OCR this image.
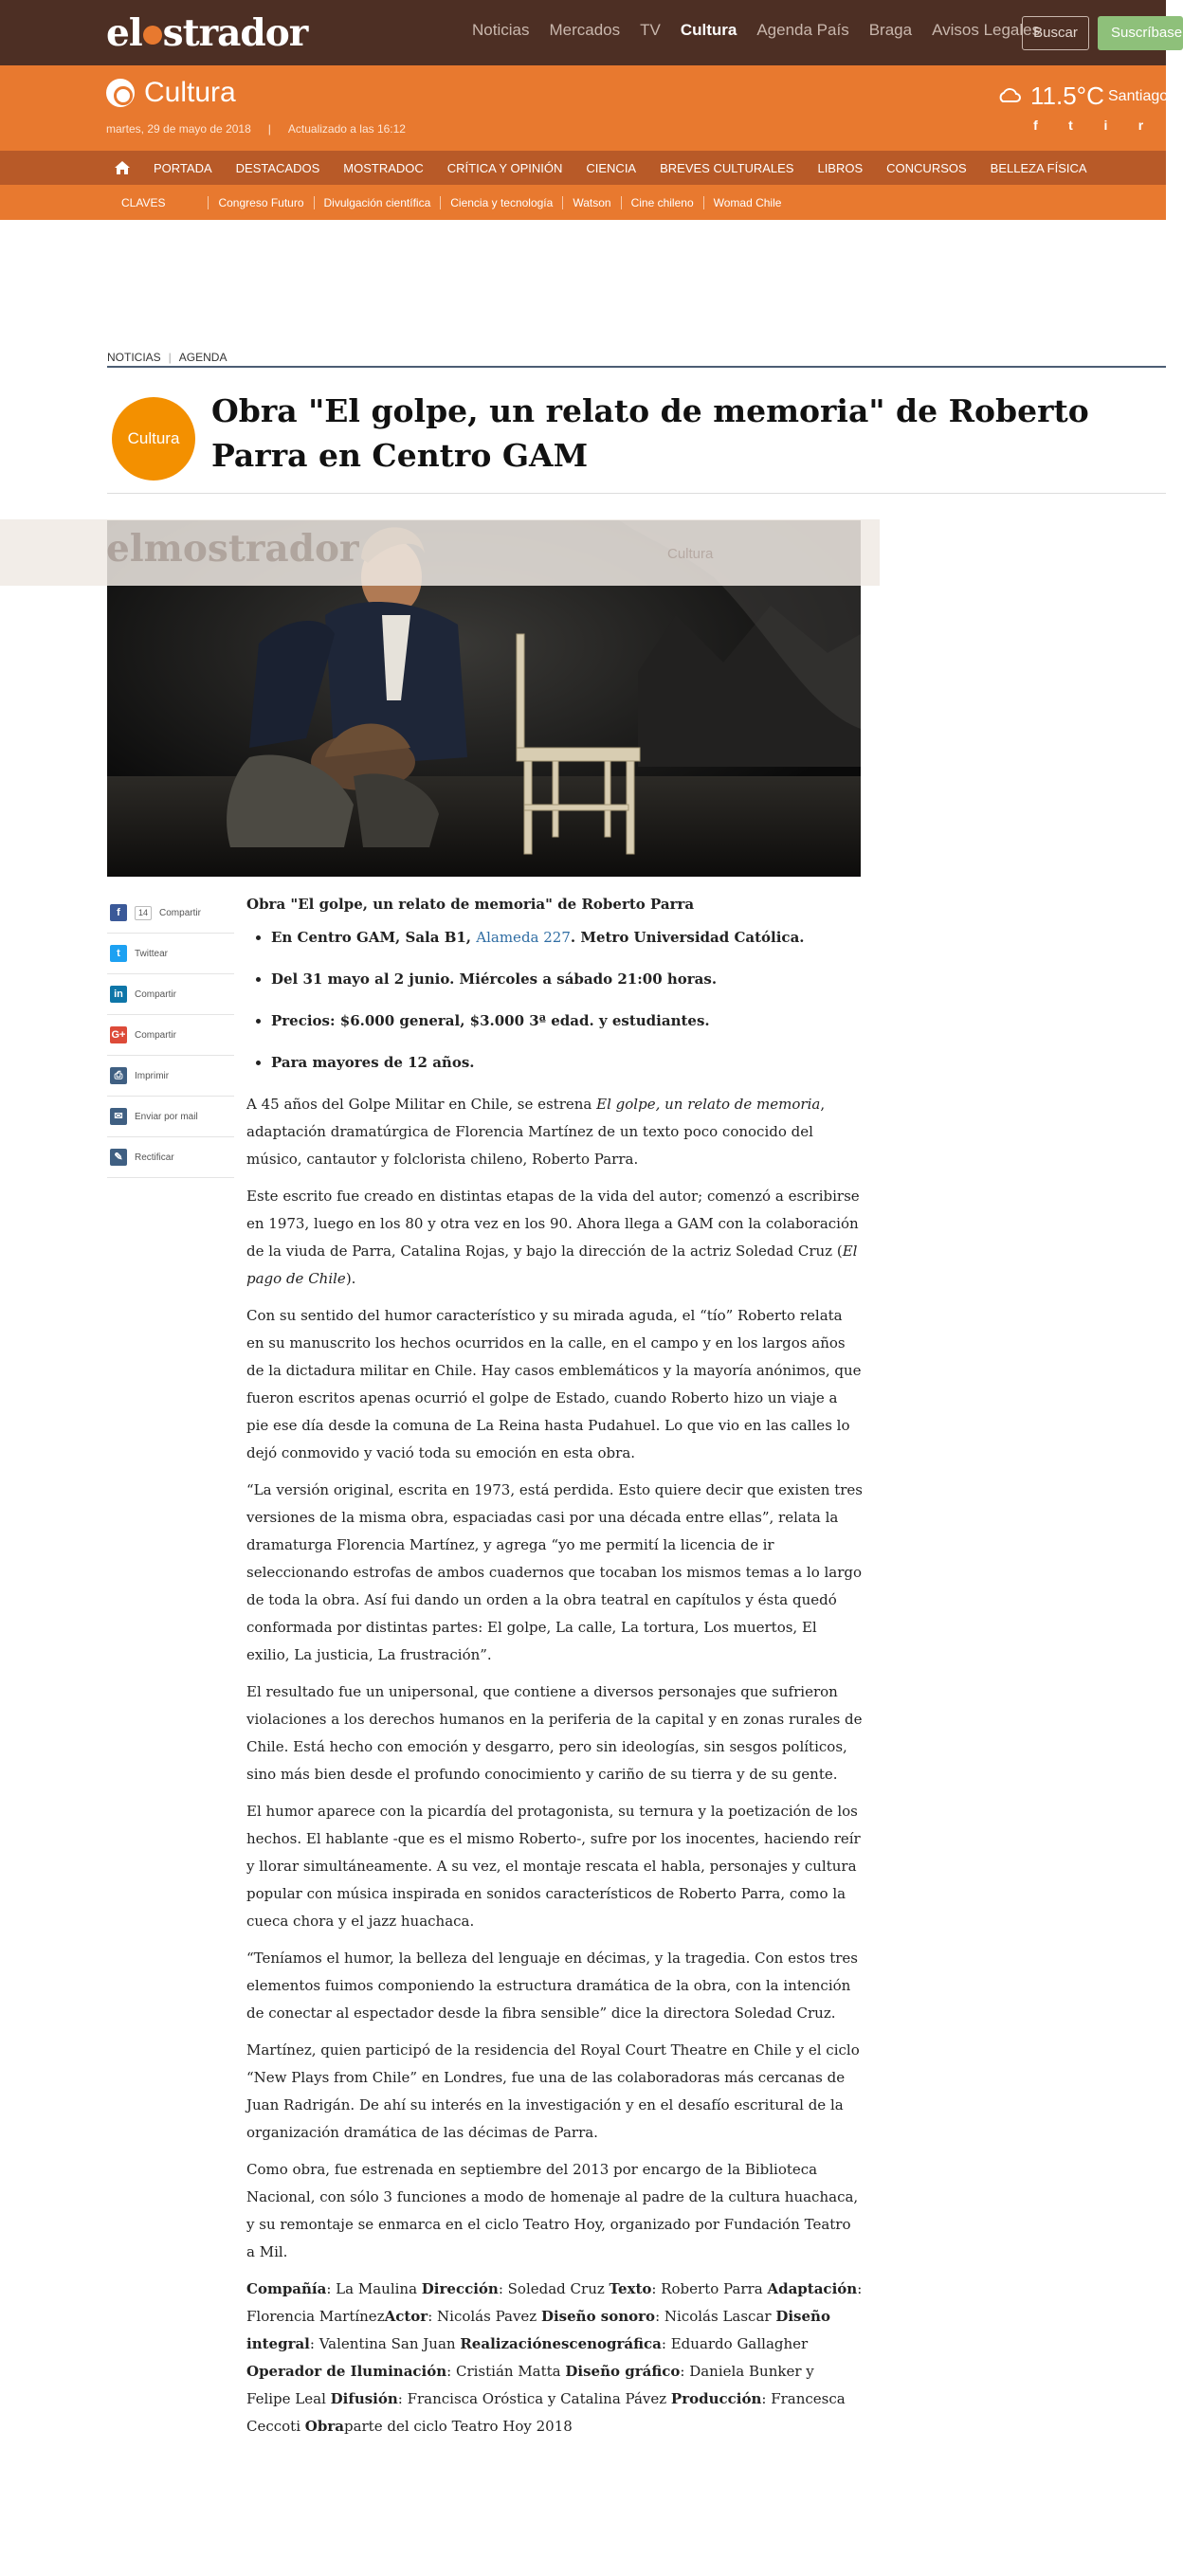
el strador	Noticias Mercados TV Cultura Agenda País Braga Avisos Legales
Buscar	Suscríbase
Cultura
martes, 29 de mayo de 2018 | Actualizado a las 16:12
11.5°C Santiago
f	t	i	r
PORTADA DESTACADOS MOSTRADOC CRÍTICA Y OPINIÓN CIENCIA BREVES CULTURALES LIBROS CONCURSOS BELLEZA FÍSICA
CLAVES	Congreso Futuro	Divulgación científica	Ciencia y tecnología	Watson	Cine chileno	Womad Chile
NOTICIAS | AGENDA
Cultura
Obra "El golpe, un relato de memoria" de Roberto Parra en Centro GAM
elmostrador	Cultura
f	14	Compartir
t	Twittear
in	Compartir
G+ Compartir
⎙	Imprimir
✉	Enviar por mail
✎	Rectificar
Obra "El golpe, un relato de memoria" de Roberto Parra
• En Centro GAM, Sala B1, Alameda 227. Metro Universidad Católica.
• Del 31 mayo al 2 junio. Miércoles a sábado 21:00 horas.
• Precios: $6.000 general, $3.000 3ª edad. y estudiantes.
• Para mayores de 12 años.

A 45 años del Golpe Militar en Chile, se estrena El golpe, un relato de memoria, adaptación dramatúrgica de Florencia Martínez de un texto poco conocido del músico, cantautor y folclorista chileno, Roberto Parra.

Este escrito fue creado en distintas etapas de la vida del autor; comenzó a escribirse en 1973, luego en los 80 y otra vez en los 90. Ahora llega a GAM con la colaboración de la viuda de Parra, Catalina Rojas, y bajo la dirección de la actriz Soledad Cruz (El pago de Chile).

Con su sentido del humor característico y su mirada aguda, el “tío” Roberto relata en su manuscrito los hechos ocurridos en la calle, en el campo y en los largos años de la dictadura militar en Chile. Hay casos emblemáticos y la mayoría anónimos, que fueron escritos apenas ocurrió el golpe de Estado, cuando Roberto hizo un viaje a pie ese día desde la comuna de La Reina hasta Pudahuel. Lo que vio en las calles lo dejó conmovido y vació toda su emoción en esta obra.

“La versión original, escrita en 1973, está perdida. Esto quiere decir que existen tres versiones de la misma obra, espaciadas casi por una década entre ellas”, relata la dramaturga Florencia Martínez, y agrega “yo me permití la licencia de ir seleccionando estrofas de ambos cuadernos que tocaban los mismos temas a lo largo de toda la obra. Así fui dando un orden a la obra teatral en capítulos y ésta quedó conformada por distintas partes: El golpe, La calle, La tortura, Los muertos, El exilio, La justicia, La frustración”.

El resultado fue un unipersonal, que contiene a diversos personajes que sufrieron violaciones a los derechos humanos en la periferia de la capital y en zonas rurales de Chile. Está hecho con emoción y desgarro, pero sin ideologías, sin sesgos políticos, sino más bien desde el profundo conocimiento y cariño de su tierra y de su gente.

El humor aparece con la picardía del protagonista, su ternura y la poetización de los hechos. El hablante -que es el mismo Roberto-, sufre por los inocentes, haciendo reír y llorar simultáneamente. A su vez, el montaje rescata el habla, personajes y cultura popular con música inspirada en sonidos característicos de Roberto Parra, como la cueca chora y el jazz huachaca.

“Teníamos el humor, la belleza del lenguaje en décimas, y la tragedia. Con estos tres elementos fuimos componiendo la estructura dramática de la obra, con la intención de conectar al espectador desde la fibra sensible” dice la directora Soledad Cruz.

Martínez, quien participó de la residencia del Royal Court Theatre en Chile y el ciclo “New Plays from Chile” en Londres, fue una de las colaboradoras más cercanas de Juan Radrigán. De ahí su interés en la investigación y en el desafío escritural de la organización dramática de las décimas de Parra.

Como obra, fue estrenada en septiembre del 2013 por encargo de la Biblioteca Nacional, con sólo 3 funciones a modo de homenaje al padre de la cultura huachaca, y su remontaje se enmarca en el ciclo Teatro Hoy, organizado por Fundación Teatro a Mil.

Compañía: La Maulina Dirección: Soledad Cruz Texto: Roberto Parra Adaptación: Florencia MartínezActor: Nicolás Pavez Diseño sonoro: Nicolás Lascar Diseño integral: Valentina San Juan Realizaciónescenográfica: Eduardo Gallagher Operador de Iluminación: Cristián Matta Diseño gráfico: Daniela Bunker y Felipe Leal Difusión: Francisca Oróstica y Catalina Pávez Producción: Francesca Ceccoti Obraparte del ciclo Teatro Hoy 2018
